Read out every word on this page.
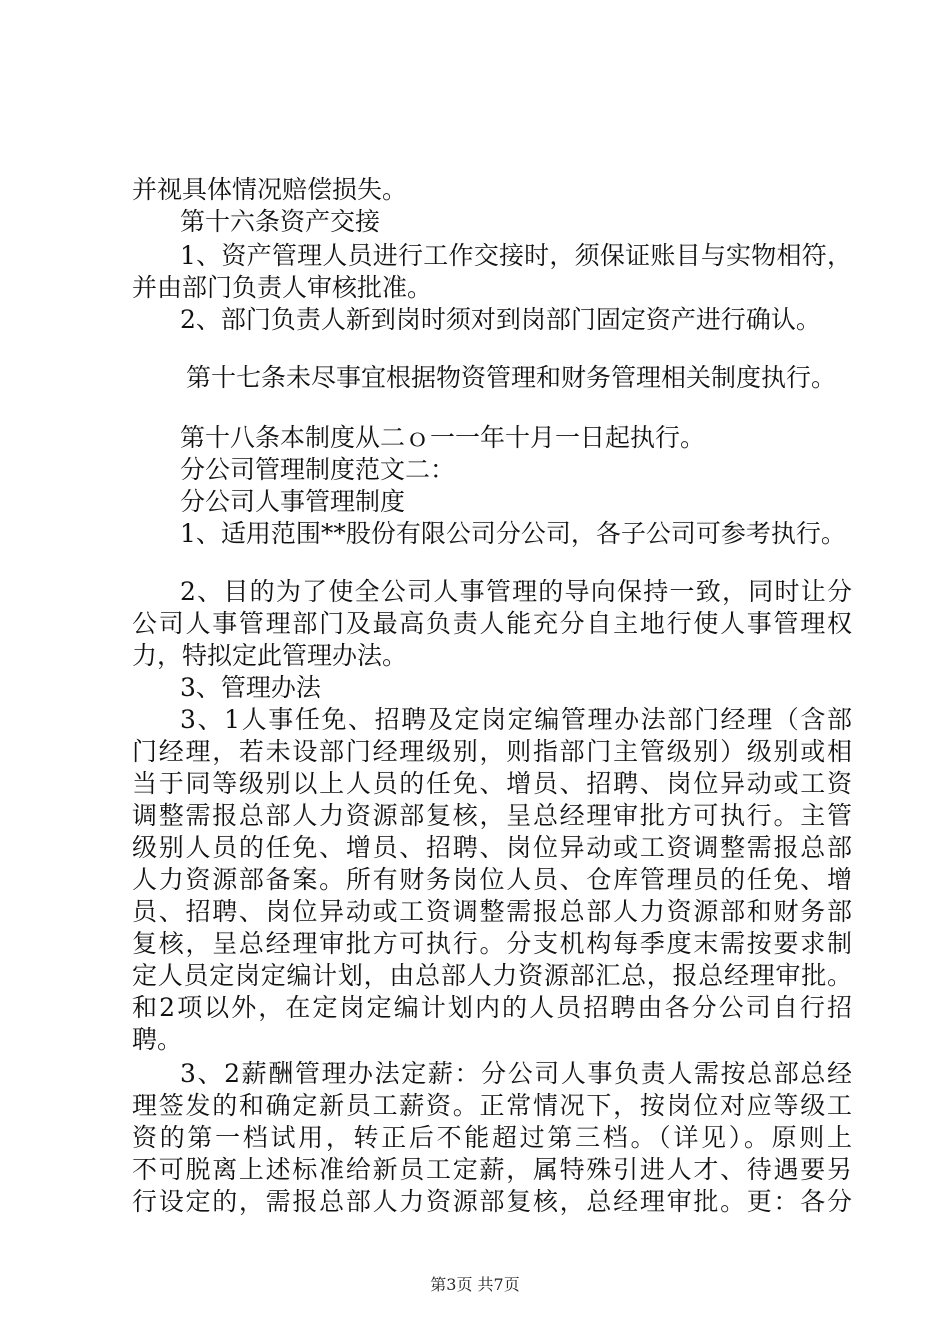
并视具体情况赔偿损失。

第十六条资产交接

1、资产管理人员进行工作交接时，须保证账目与实物相符，

并由部门负责人审核批准。

2、部门负责人新到岗时须对到岗部门固定资产进行确认。

第十七条未尽事宜根据物资管理和财务管理相关制度执行。

第十八条本制度从二ｏ一一年十月一日起执行。

分公司管理制度范文二：

分公司人事管理制度

1、适用范围**股份有限公司分公司，各子公司可参考执行。

2、目的为了使全公司人事管理的导向保持一致，同时让分

公司人事管理部门及最高负责人能充分自主地行使人事管理权

力，特拟定此管理办法。

3、管理办法

3、1人事任免、招聘及定岗定编管理办法部门经理（含部

门经理，若未设部门经理级别，则指部门主管级别）级别或相

当于同等级别以上人员的任免、增员、招聘、岗位异动或工资

调整需报总部人力资源部复核，呈总经理审批方可执行。主管

级别人员的任免、增员、招聘、岗位异动或工资调整需报总部

人力资源部备案。所有财务岗位人员、仓库管理员的任免、增

员、招聘、岗位异动或工资调整需报总部人力资源部和财务部

复核，呈总经理审批方可执行。分支机构每季度末需按要求制

定人员定岗定编计划，由总部人力资源部汇总，报总经理审批。

和2项以外，在定岗定编计划内的人员招聘由各分公司自行招

聘。

3、2薪酬管理办法定薪：分公司人事负责人需按总部总经

理签发的和确定新员工薪资。正常情况下，按岗位对应等级工

资的第一档试用，转正后不能超过第三档。（详见）。原则上

不可脱离上述标准给新员工定薪，属特殊引进人才、待遇要另

行设定的，需报总部人力资源部复核，总经理审批。更：各分

第3页 共7页
